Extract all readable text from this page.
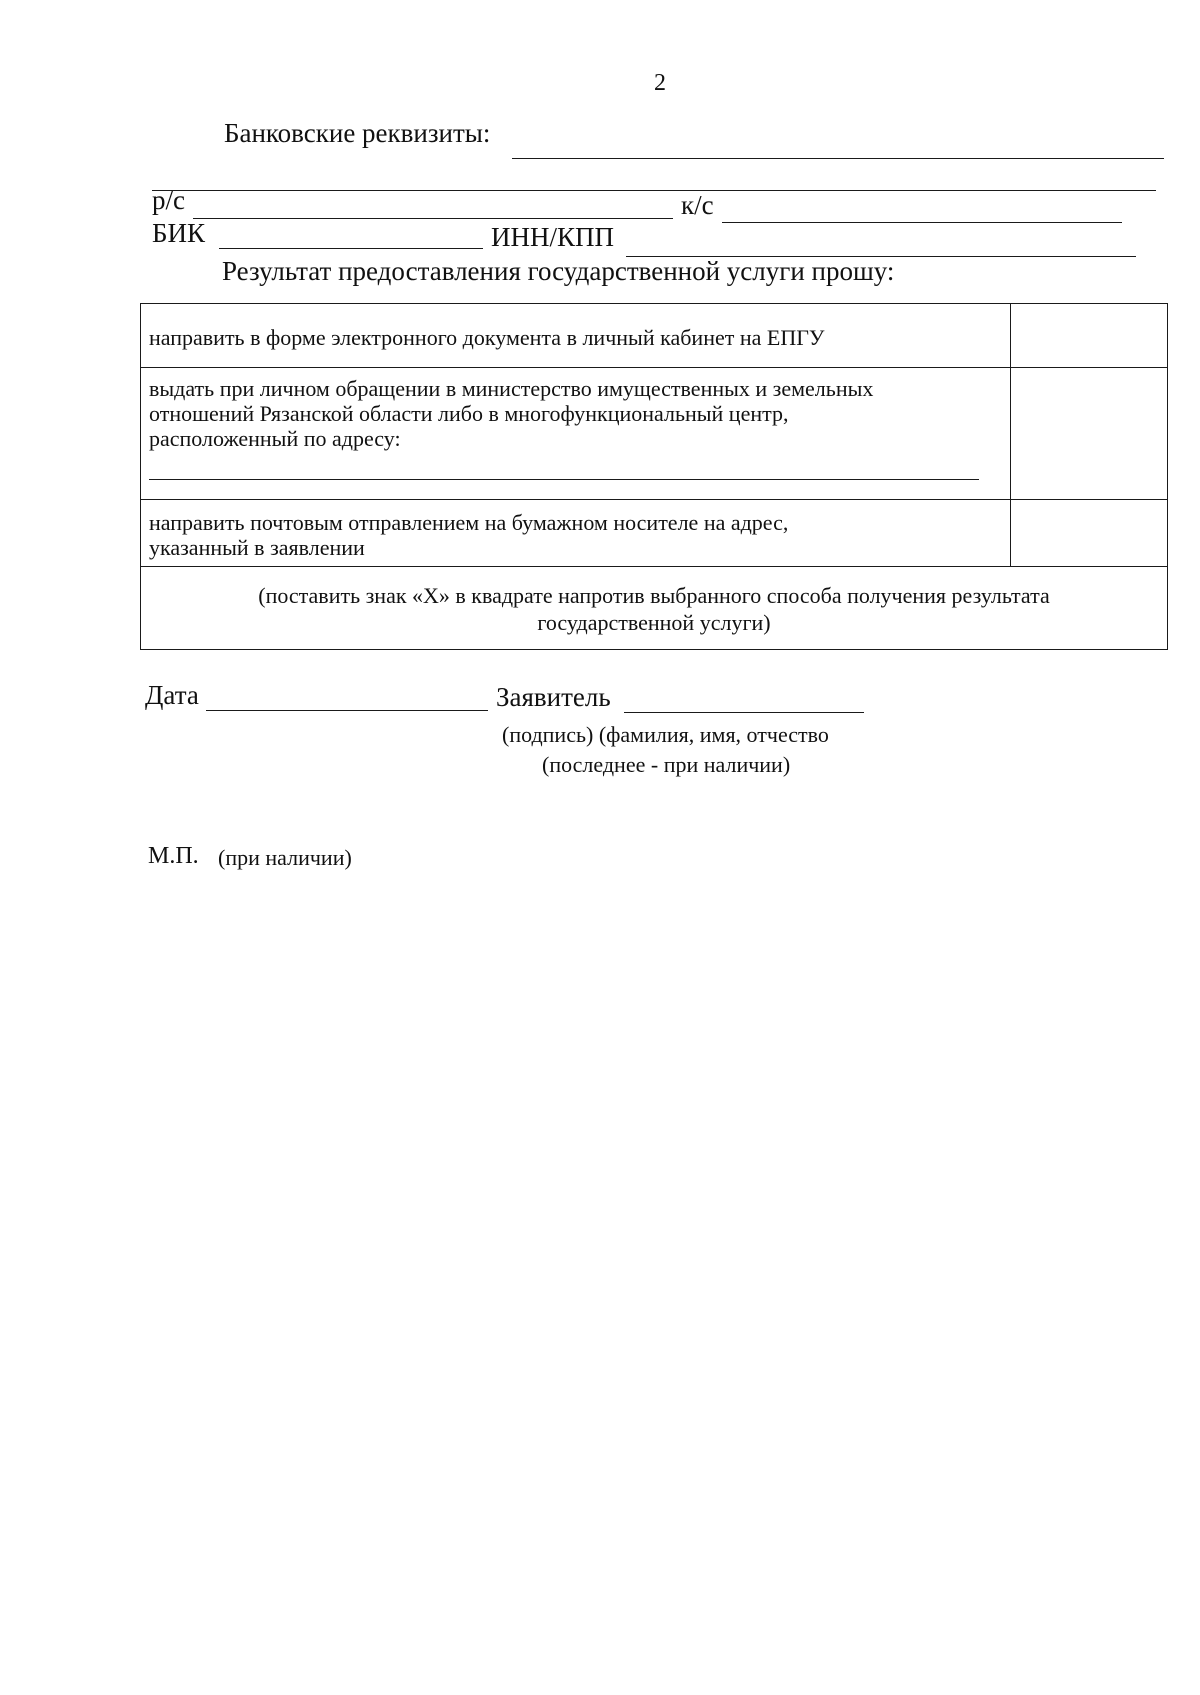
2
Банковские реквизиты:
р/с	к/с
БИК	ИНН/КПП
Результат предоставления государственной услуги прошу:
направить в форме электронного документа в личный кабинет на ЕПГУ
выдать при личном обращении в министерство имущественных и земельных
отношений Рязанской области либо в многофункциональный центр,
расположенный по адресу:
направить почтовым отправлением на бумажном носителе на адрес,
указанный в заявлении
(поставить знак «Х» в квадрате напротив выбранного способа получения результата
государственной услуги)
Дата	Заявитель
(подпись) (фамилия, имя, отчество
(последнее - при наличии)
М.П. (при наличии)
